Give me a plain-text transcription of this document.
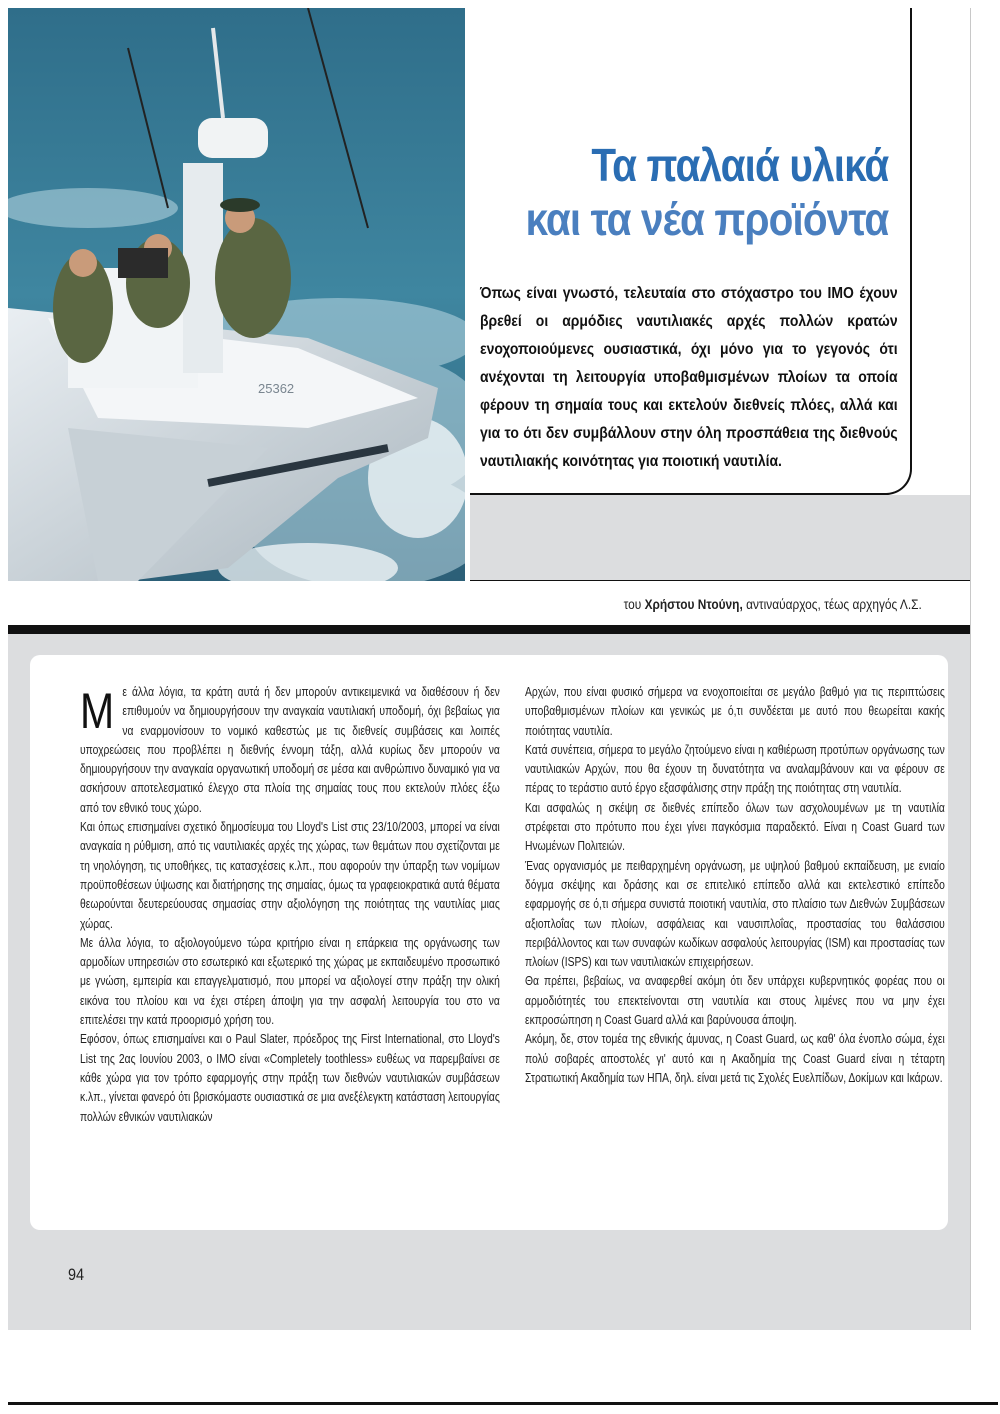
25362
Τα παλαιά υλικά
και τα νέα προϊόντα
Όπως είναι γνωστό, τελευταία στο στόχαστρο του ΙΜΟ έχουν βρεθεί οι αρμόδιες ναυτιλιακές αρχές πολλών κρατών ενοχοποιούμενες ουσιαστικά, όχι μόνο για το γεγονός ότι ανέχονται τη λειτουργία υποβαθμισμένων πλοίων τα οποία φέρουν τη σημαία τους και εκτελούν διεθνείς πλόες, αλλά και για το ότι δεν συμβάλλουν στην όλη προσπάθεια της διεθνούς ναυτιλιακής κοινότητας για ποιοτική ναυτιλία.
του Χρήστου Ντούνη, αντιναύαρχος, τέως αρχηγός Λ.Σ.

Με άλλα λόγια, τα κράτη αυτά ή δεν μπορούν αντικειμενικά να διαθέσουν ή δεν επιθυμούν να δημιουργήσουν την αναγκαία ναυτιλιακή υποδομή, όχι βεβαίως για να εναρμονίσουν το νομικό καθεστώς με τις διεθνείς συμβάσεις και λοιπές υποχρεώσεις που προβλέπει η διεθνής έννομη τάξη, αλλά κυρίως δεν μπορούν να δημιουργήσουν την αναγκαία οργανωτική υποδομή σε μέσα και ανθρώπινο δυναμικό για να ασκήσουν αποτελεσματικό έλεγχο στα πλοία της σημαίας τους που εκτελούν πλόες έξω από τον εθνικό τους χώρο.

Και όπως επισημαίνει σχετικό δημοσίευμα του Lloyd's List στις 23/10/2003, μπορεί να είναι αναγκαία η ρύθμιση, από τις ναυτιλιακές αρχές της χώρας, των θεμάτων που σχετίζονται με τη νηολόγηση, τις υποθήκες, τις κατασχέσεις κ.λπ., που αφορούν την ύπαρξη των νομίμων προϋποθέσεων ύψωσης και διατήρησης της σημαίας, όμως τα γραφειοκρατικά αυτά θέματα θεωρούνται δευτερεύουσας σημασίας στην αξιολόγηση της ποιότητας της ναυτιλίας μιας χώρας.

Με άλλα λόγια, το αξιολογούμενο τώρα κριτήριο είναι η επάρκεια της οργάνωσης των αρμοδίων υπηρεσιών στο εσωτερικό και εξωτερικό της χώρας με εκπαιδευμένο προσωπικό με γνώση, εμπειρία και επαγγελματισμό, που μπορεί να αξιολογεί στην πράξη την ολική εικόνα του πλοίου και να έχει στέρεη άποψη για την ασφαλή λειτουργία του στο να επιτελέσει την κατά προορισμό χρήση του.

Εφόσον, όπως επισημαίνει και ο Paul Slater, πρόεδρος της First International, στο Lloyd's List της 2ας Ιουνίου 2003, ο ΙΜΟ είναι «Completely toothless» ευθέως να παρεμβαίνει σε κάθε χώρα για τον τρόπο εφαρμογής στην πράξη των διεθνών ναυτιλιακών συμβάσεων κ.λπ., γίνεται φανερό ότι βρισκόμαστε ουσιαστικά σε μια ανεξέλεγκτη κατάσταση λειτουργίας πολλών εθνικών ναυτιλιακών

Αρχών, που είναι φυσικό σήμερα να ενοχοποιείται σε μεγάλο βαθμό για τις περιπτώσεις υποβαθμισμένων πλοίων και γενικώς με ό,τι συνδέεται με αυτό που θεωρείται κακής ποιότητας ναυτιλία.

Κατά συνέπεια, σήμερα το μεγάλο ζητούμενο είναι η καθιέρωση προτύπων οργάνωσης των ναυτιλιακών Αρχών, που θα έχουν τη δυνατότητα να αναλαμβάνουν και να φέρουν σε πέρας το τεράστιο αυτό έργο εξασφάλισης στην πράξη της ποιότητας στη ναυτιλία.

Και ασφαλώς η σκέψη σε διεθνές επίπεδο όλων των ασχολουμένων με τη ναυτιλία στρέφεται στο πρότυπο που έχει γίνει παγκόσμια παραδεκτό. Είναι η Coast Guard των Ηνωμένων Πολιτειών.

Ένας οργανισμός με πειθαρχημένη οργάνωση, με υψηλού βαθμού εκπαίδευση, με ενιαίο δόγμα σκέψης και δράσης και σε επιτελικό επίπεδο αλλά και εκτελεστικό επίπεδο εφαρμογής σε ό,τι σήμερα συνιστά ποιοτική ναυτιλία, στο πλαίσιο των Διεθνών Συμβάσεων αξιοπλοΐας των πλοίων, ασφάλειας και ναυσιπλοΐας, προστασίας του θαλάσσιου περιβάλλοντος και των συναφών κωδίκων ασφαλούς λειτουργίας (ISM) και προστασίας των πλοίων (ISPS) και των ναυτιλιακών επιχειρήσεων.

Θα πρέπει, βεβαίως, να αναφερθεί ακόμη ότι δεν υπάρχει κυβερνητικός φορέας που οι αρμοδιότητές του επεκτείνονται στη ναυτιλία και στους λιμένες που να μην έχει εκπροσώπηση η Coast Guard αλλά και βαρύνουσα άποψη.

Ακόμη, δε, στον τομέα της εθνικής άμυνας, η Coast Guard, ως καθ' όλα ένοπλο σώμα, έχει πολύ σοβαρές αποστολές γι' αυτό και η Ακαδημία της Coast Guard είναι η τέταρτη Στρατιωτική Ακαδημία των ΗΠΑ, δηλ. είναι μετά τις Σχολές Ευελπίδων, Δοκίμων και Ικάρων.

94
